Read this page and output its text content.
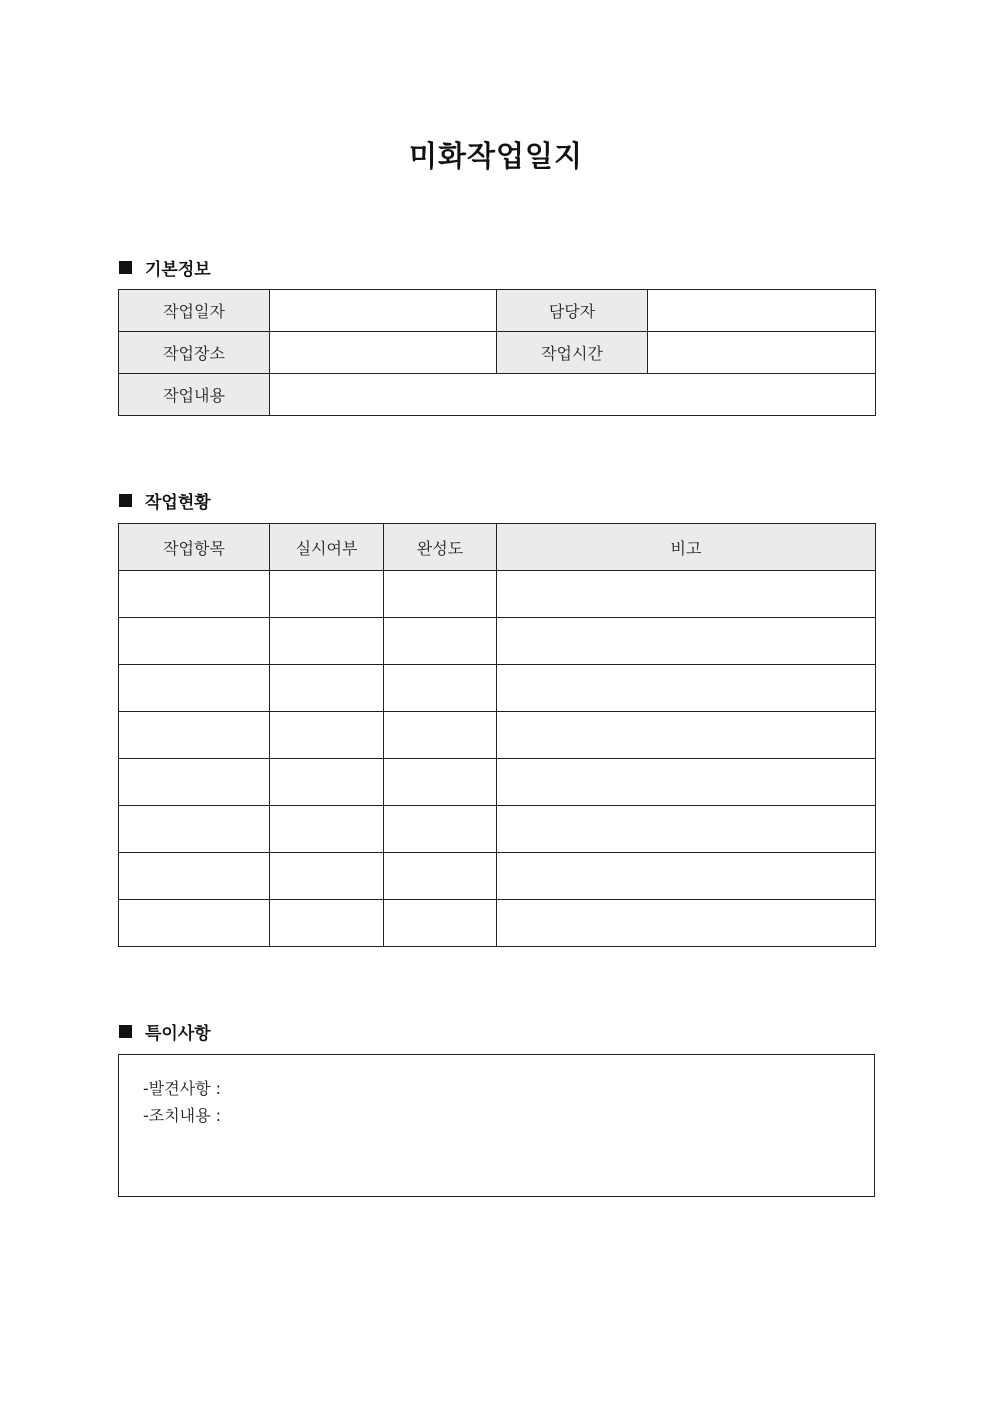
미화작업일지
기본정보
작업일자		담당자	
작업장소		작업시간	
작업내용			
작업현황
작업항목	실시여부	완성도	비고

특이사항
-발견사항 :
-조치내용 :
